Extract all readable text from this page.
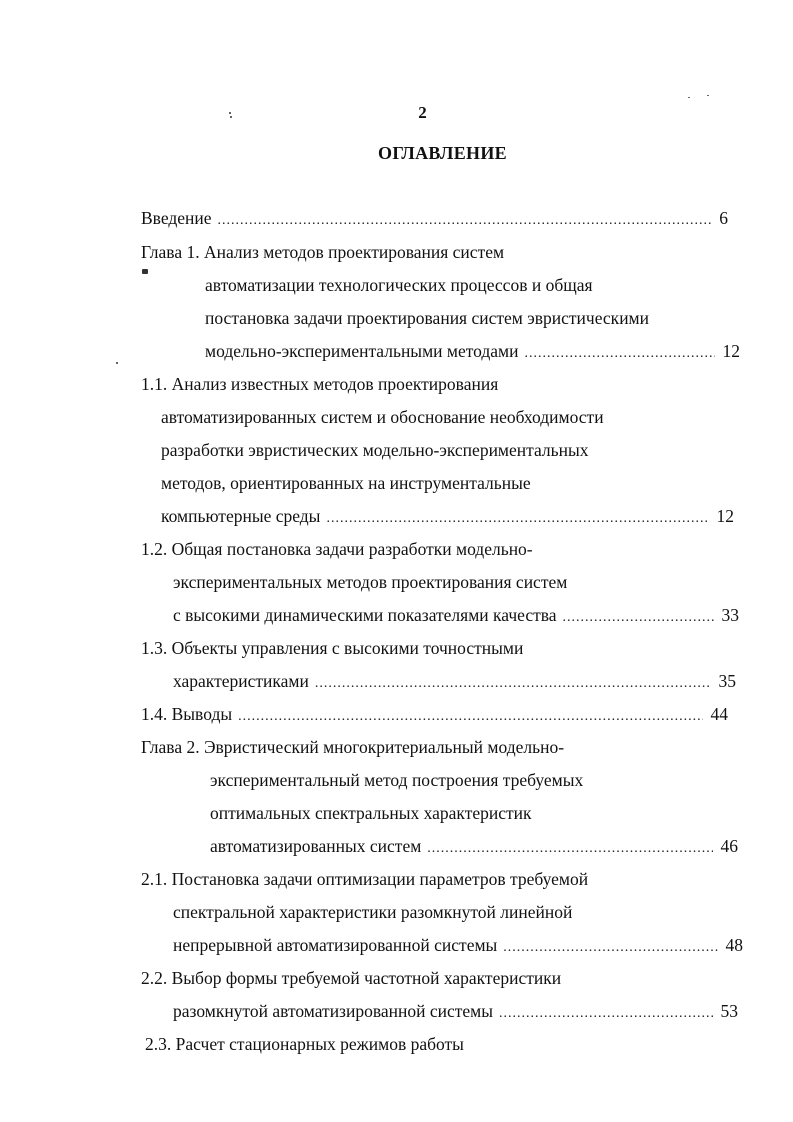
2
ОГЛАВЛЕНИЕ
Введение .....	6
Глава 1. Анализ методов проектирования систем
автоматизации технологических процессов и общая
постановка задачи проектирования систем эвристическими
модельно-экспериментальными методами .....	12
1.1. Анализ известных методов проектирования
автоматизированных систем и обоснование необходимости
разработки эвристических модельно-экспериментальных
методов, ориентированных на инструментальные
компьютерные среды .....	12
1.2. Общая постановка задачи разработки модельно-
экспериментальных методов проектирования систем
с высокими динамическими показателями качества .....	33
1.3. Объекты управления с высокими точностными
характеристиками .....	35
1.4. Выводы .....	44
Глава 2. Эвристический многокритериальный модельно-
экспериментальный метод построения требуемых
оптимальных спектральных характеристик
автоматизированных систем .....	46
2.1. Постановка задачи оптимизации параметров требуемой
спектральной характеристики разомкнутой линейной
непрерывной автоматизированной системы .....	48
2.2. Выбор формы требуемой частотной характеристики
разомкнутой автоматизированной системы .....	53
2.3. Расчет стационарных режимов работы
